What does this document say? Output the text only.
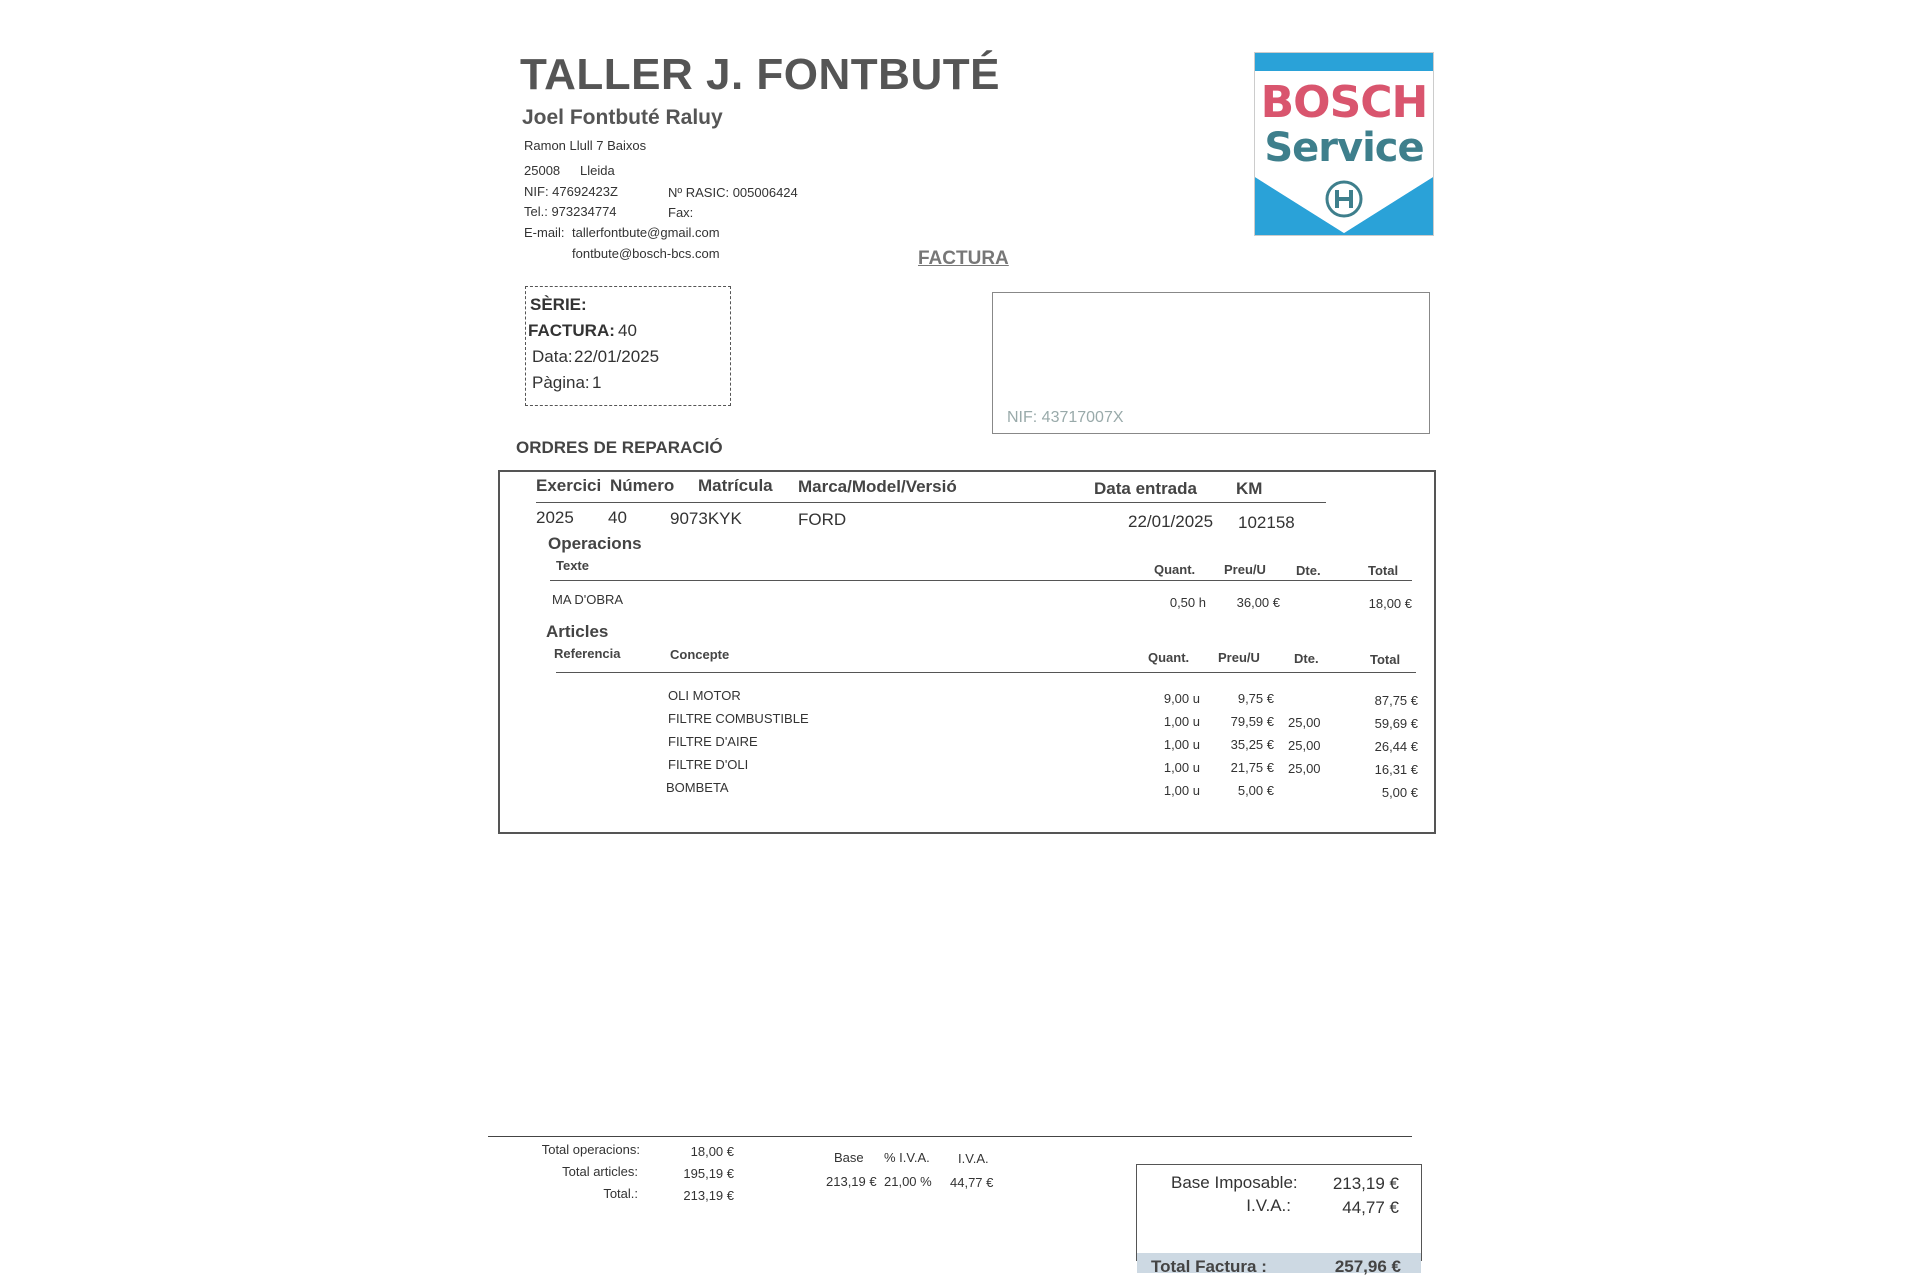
TALLER J. FONTBUTÉ
Joel Fontbuté Raluy
Ramon Llull 7 Baixos
25008 Lleida
NIF: 47692423Z	Nº RASIC: 005006424
Tel.: 973234774	Fax:
E-mail: tallerfontbute@gmail.com
fontbute@bosch-bcs.com
BOSCH
Service
FACTURA
SÈRIE:
FACTURA: 40
Data: 22/01/2025
Pàgina: 1
NIF: 43717007X
ORDRES DE REPARACIÓ
Exercici Número Matrícula Marca/Model/Versió	Data entrada KM
2025 40	9073KYK	FORD	22/01/2025 102158
Operacions
Texte	Quant. Preu/U Dte.	Total
MA D'OBRA	0,50 h	36,00 €	18,00 €
Articles
Referencia	Concepte	Quant. Preu/U	Dte.	Total
OLI MOTOR	9,00 u	9,75 €	87,75 €
FILTRE COMBUSTIBLE	1,00 u	79,59 € 25,00	59,69 €
FILTRE D'AIRE	1,00 u	35,25 € 25,00	26,44 €
FILTRE D'OLI	1,00 u	21,75 € 25,00	16,31 €
BOMBETA	1,00 u	5,00 €	5,00 €
Total operacions:	18,00 €
Total articles:	195,19 €
Total.:	213,19 €
Base % I.V.A. I.V.A.
213,19 € 21,00 % 44,77 €	Base Imposable:	213,19 €
I.V.A.:	44,77 €
Total Factura :	257,96 €
